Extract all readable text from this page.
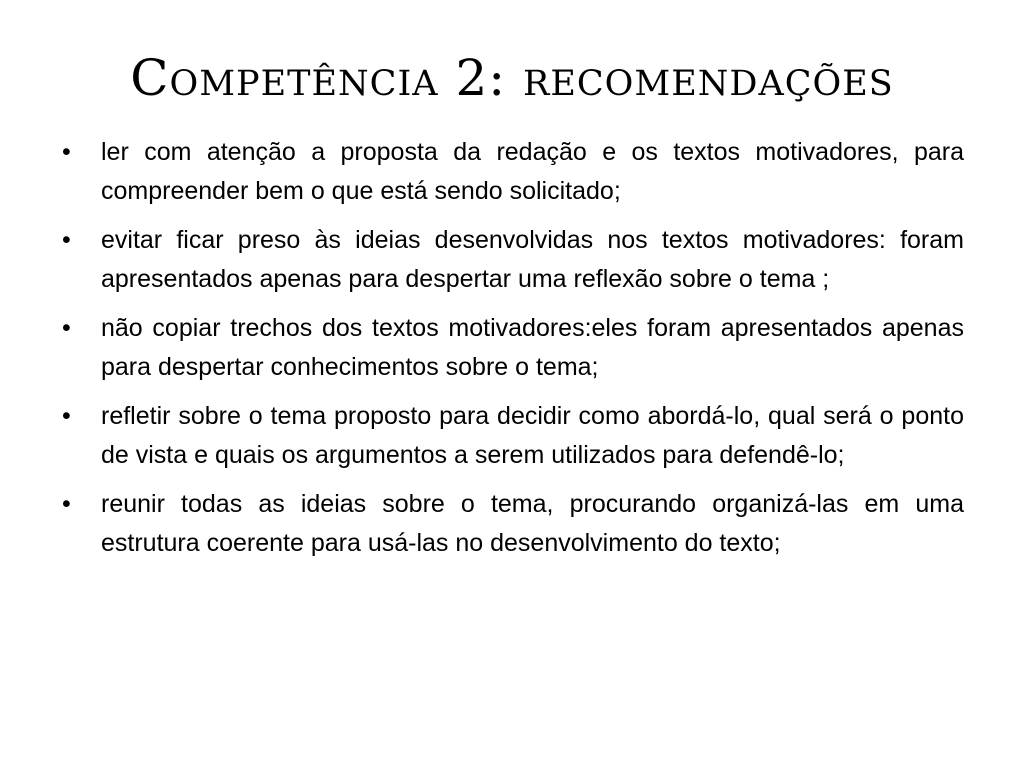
Competência 2: recomendações
•	ler com atenção a proposta da redação e os textos motivadores, para compreender bem o que está sendo solicitado;
•	evitar ficar preso às ideias desenvolvidas nos textos motivadores: foram apresentados apenas para despertar uma reflexão sobre o tema ;
•	não copiar trechos dos textos motivadores:eles foram apresentados apenas para despertar conhecimentos sobre o tema;
•	refletir sobre o tema proposto para decidir como abordá-lo, qual será o ponto de vista e quais os argumentos a serem utilizados para defendê-lo;
•	reunir todas as ideias sobre o tema, procurando organizá-las em uma estrutura coerente para usá-las no desenvolvimento do texto;
